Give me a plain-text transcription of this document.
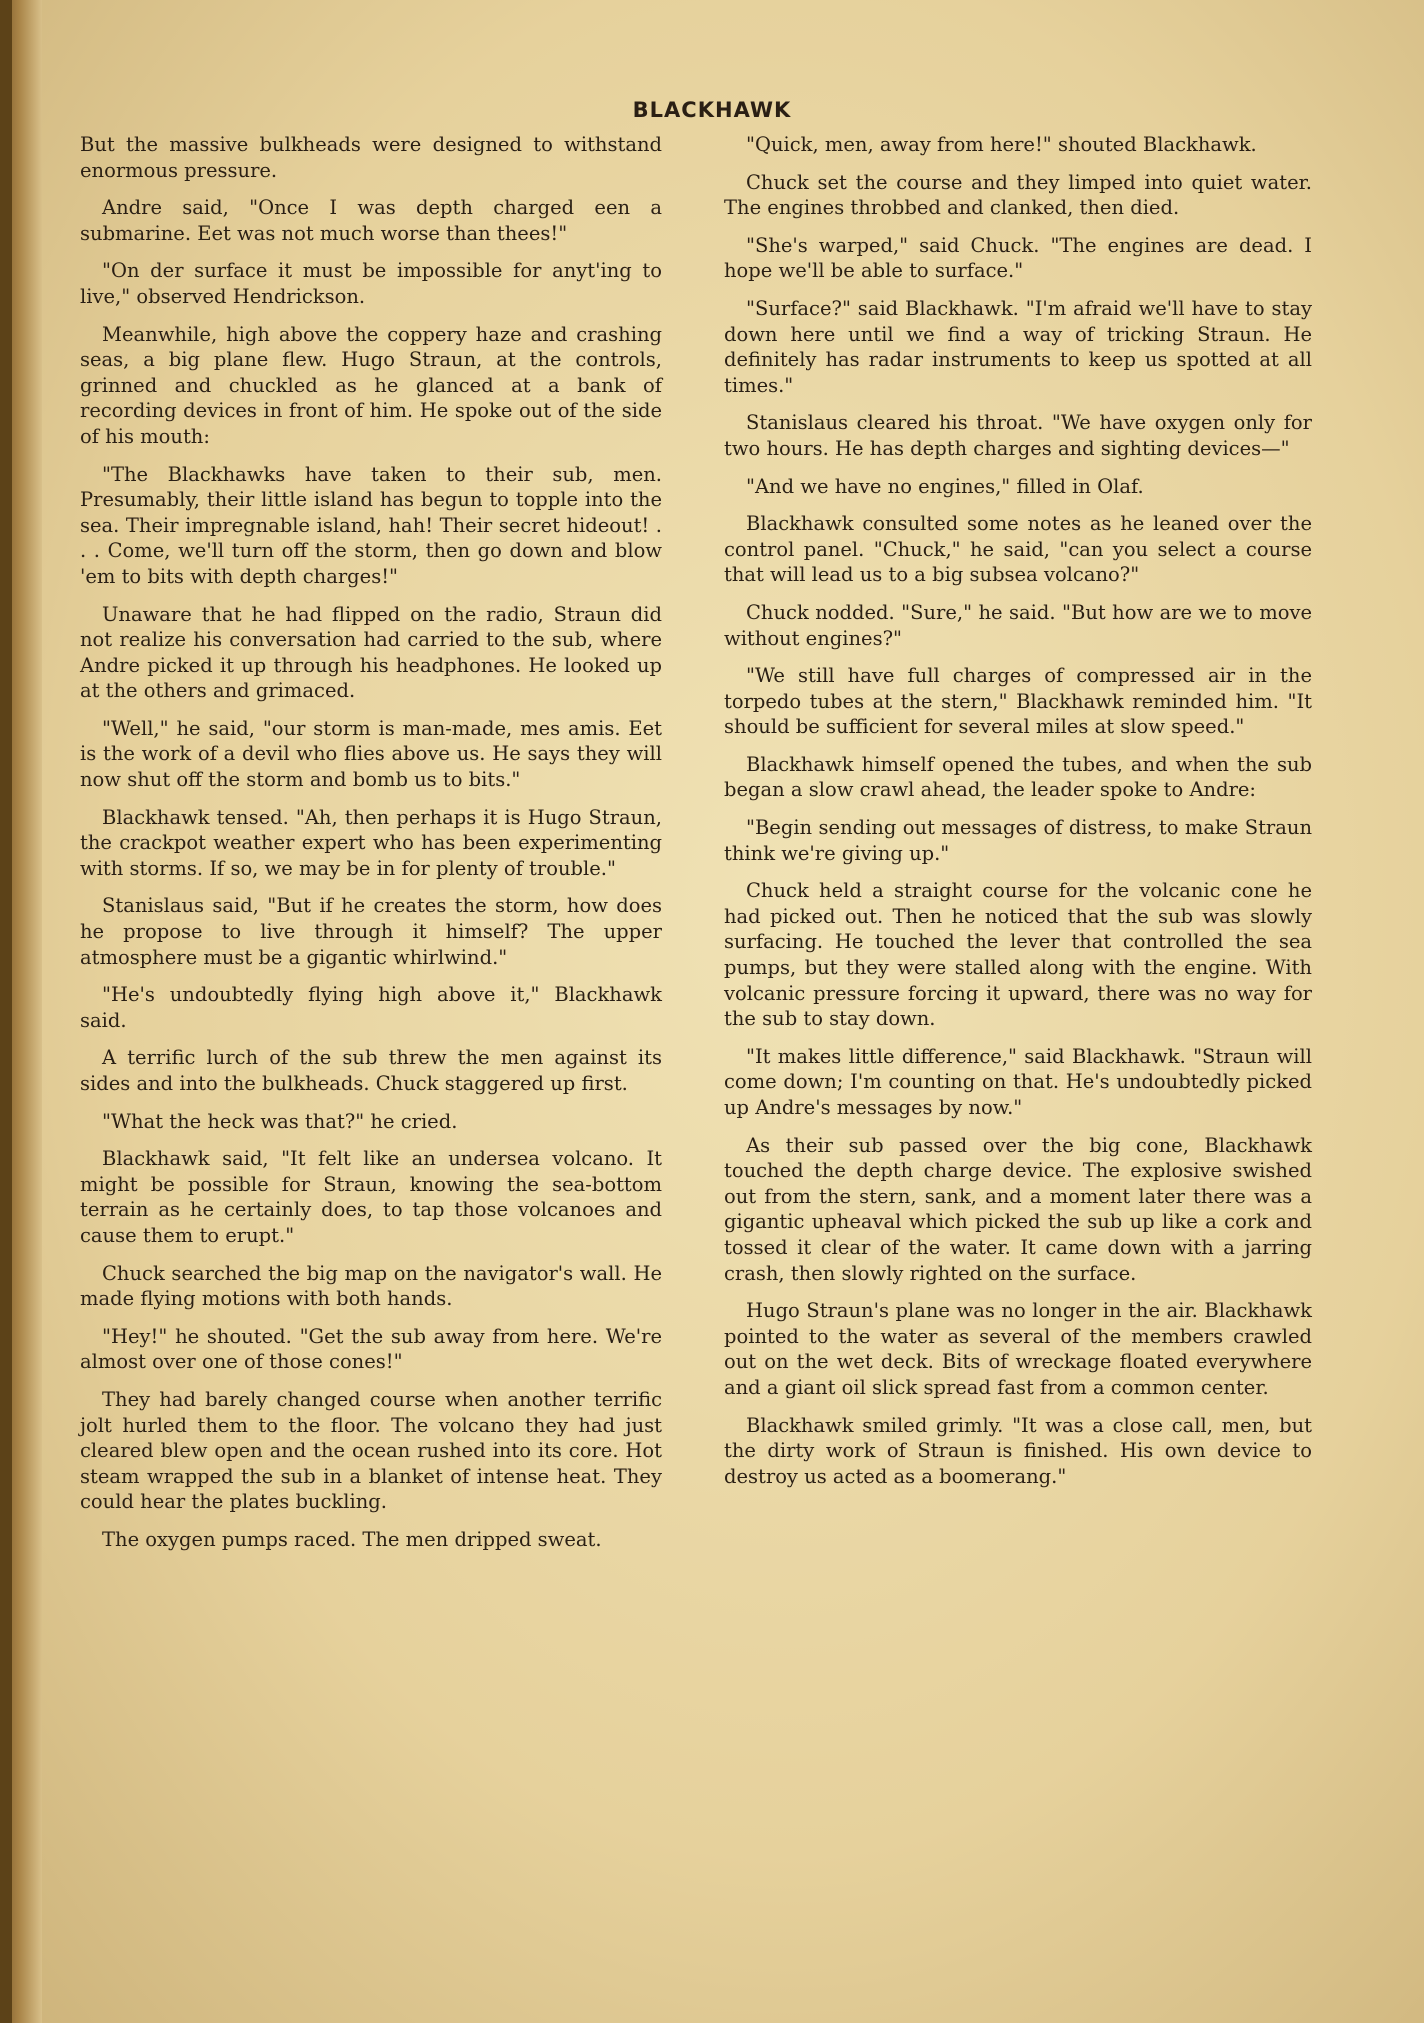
BLACKHAWK

But the massive bulkheads were designed to withstand enormous pressure.

Andre said, "Once I was depth charged een a submarine. Eet was not much worse than thees!"

"On der surface it must be impossible for anyt'ing to live," observed Hendrickson.

Meanwhile, high above the coppery haze and crashing seas, a big plane flew. Hugo Straun, at the controls, grinned and chuckled as he glanced at a bank of recording devices in front of him. He spoke out of the side of his mouth:

"The Blackhawks have taken to their sub, men. Presumably, their little island has begun to topple into the sea. Their impregnable island, hah! Their secret hideout! . . . Come, we'll turn off the storm, then go down and blow 'em to bits with depth charges!"

Unaware that he had flipped on the radio, Straun did not realize his conversation had carried to the sub, where Andre picked it up through his headphones. He looked up at the others and grimaced.

"Well," he said, "our storm is man-made, mes amis. Eet is the work of a devil who flies above us. He says they will now shut off the storm and bomb us to bits."

Blackhawk tensed. "Ah, then perhaps it is Hugo Straun, the crackpot weather expert who has been experimenting with storms. If so, we may be in for plenty of trouble."

Stanislaus said, "But if he creates the storm, how does he propose to live through it himself? The upper atmosphere must be a gigantic whirlwind."

"He's undoubtedly flying high above it," Blackhawk said.

A terrific lurch of the sub threw the men against its sides and into the bulkheads. Chuck staggered up first.

"What the heck was that?" he cried.

Blackhawk said, "It felt like an undersea volcano. It might be possible for Straun, knowing the sea-bottom terrain as he certainly does, to tap those volcanoes and cause them to erupt."

Chuck searched the big map on the navigator's wall. He made flying motions with both hands.

"Hey!" he shouted. "Get the sub away from here. We're almost over one of those cones!"

They had barely changed course when another terrific jolt hurled them to the floor. The volcano they had just cleared blew open and the ocean rushed into its core. Hot steam wrapped the sub in a blanket of intense heat. They could hear the plates buckling.

The oxygen pumps raced. The men dripped sweat.

"Quick, men, away from here!" shouted Blackhawk.

Chuck set the course and they limped into quiet water. The engines throbbed and clanked, then died.

"She's warped," said Chuck. "The engines are dead. I hope we'll be able to surface."

"Surface?" said Blackhawk. "I'm afraid we'll have to stay down here until we find a way of tricking Straun. He definitely has radar instruments to keep us spotted at all times."

Stanislaus cleared his throat. "We have oxygen only for two hours. He has depth charges and sighting devices—"

"And we have no engines," filled in Olaf.

Blackhawk consulted some notes as he leaned over the control panel. "Chuck," he said, "can you select a course that will lead us to a big subsea volcano?"

Chuck nodded. "Sure," he said. "But how are we to move without engines?"

"We still have full charges of compressed air in the torpedo tubes at the stern," Blackhawk reminded him. "It should be sufficient for several miles at slow speed."

Blackhawk himself opened the tubes, and when the sub began a slow crawl ahead, the leader spoke to Andre:

"Begin sending out messages of distress, to make Straun think we're giving up."

Chuck held a straight course for the volcanic cone he had picked out. Then he noticed that the sub was slowly surfacing. He touched the lever that controlled the sea pumps, but they were stalled along with the engine. With volcanic pressure forcing it upward, there was no way for the sub to stay down.

"It makes little difference," said Blackhawk. "Straun will come down; I'm counting on that. He's undoubtedly picked up Andre's messages by now."

As their sub passed over the big cone, Blackhawk touched the depth charge device. The explosive swished out from the stern, sank, and a moment later there was a gigantic upheaval which picked the sub up like a cork and tossed it clear of the water. It came down with a jarring crash, then slowly righted on the surface.

Hugo Straun's plane was no longer in the air. Blackhawk pointed to the water as several of the members crawled out on the wet deck. Bits of wreckage floated everywhere and a giant oil slick spread fast from a common center.

Blackhawk smiled grimly. "It was a close call, men, but the dirty work of Straun is finished. His own device to destroy us acted as a boomerang."
